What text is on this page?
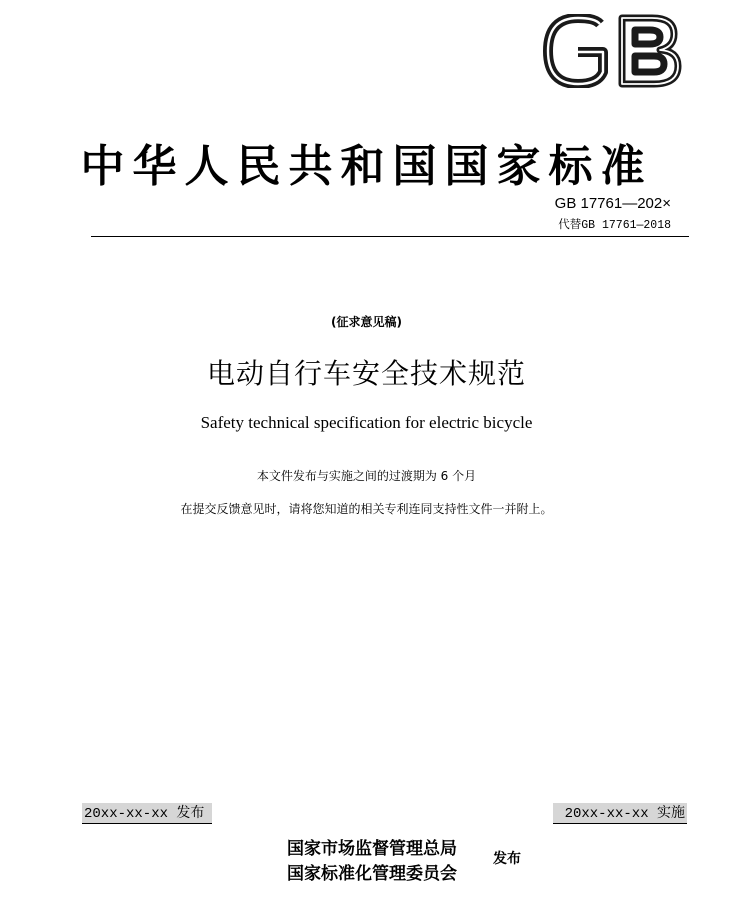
中华人民共和国国家标准
GB 17761—202×
代替GB 17761—2018
(征求意见稿)
电动自行车安全技术规范
Safety technical specification for electric bicycle
本文件发布与实施之间的过渡期为 6 个月
在提交反馈意见时，请将您知道的相关专利连同支持性文件一并附上。
20xx-xx-xx 发布	20xx-xx-xx 实施
国家市场监督管理总局
国家标准化管理委员会
发布
